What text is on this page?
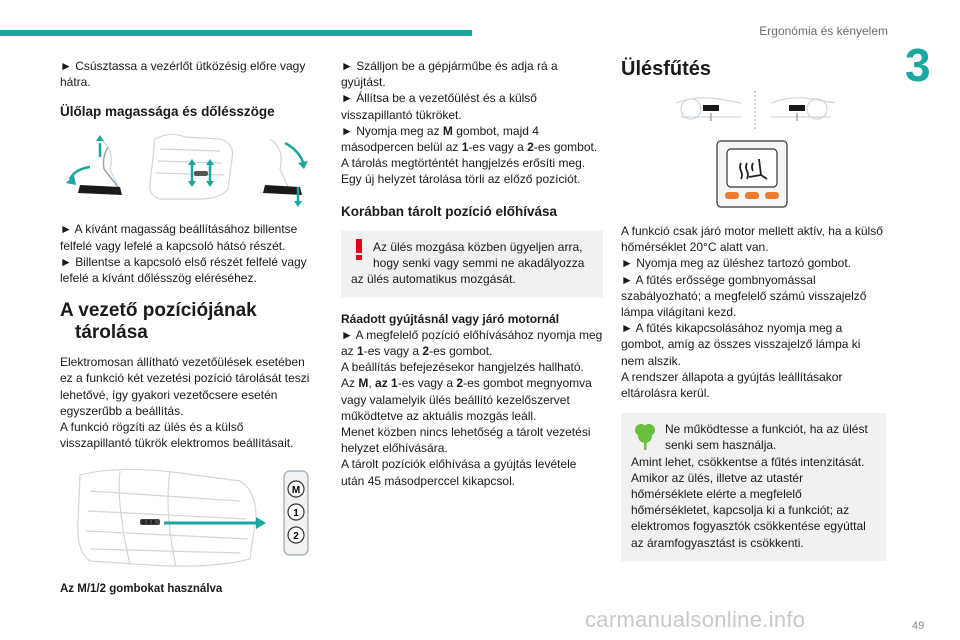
Ergonómia és kényelem
3

► Csúsztassa a vezérlőt ütközésig előre vagy hátra.

Ülőlap magassága és dőlésszöge

► A kívánt magasság beállításához billentse felfelé vagy lefelé a kapcsoló hátsó részét.

► Billentse a kapcsoló első részét felfelé vagy lefelé a kívánt dőlésszög eléréséhez.

A vezető pozíciójának
tárolása

Elektromosan állítható vezetőülések esetében ez a funkció két vezetési pozíció tárolását teszi lehetővé, így gyakori vezetőcsere esetén egyszerűbb a beállítás.

A funkció rögzíti az ülés és a külső visszapillantó tükrök elektromos beállításait.

M
1
2

Az M/1/2 gombokat használva

► Szálljon be a gépjárműbe és adja rá a gyújtást.

► Állítsa be a vezetőülést és a külső visszapillantó tükröket.

► Nyomja meg az M gombot, majd 4 másodpercen belül az 1-es vagy a 2-es gombot.

A tárolás megtörténtét hangjelzés erősíti meg.

Egy új helyzet tárolása törli az előző pozíciót.

Korábban tárolt pozíció előhívása
Az ülés mozgása közben ügyeljen arra,
hogy senki vagy semmi ne akadályozza
az ülés automatikus mozgását.

Ráadott gyújtásnál vagy járó motornál

► A megfelelő pozíció előhívásához nyomja meg az 1-es vagy a 2-es gombot.

A beállítás befejezésekor hangjelzés hallható.

Az M, az 1-es vagy a 2-es gombot megnyomva vagy valamelyik ülés beállító kezelőszervet működtetve az aktuális mozgás leáll.

Menet közben nincs lehetőség a tárolt vezetési helyzet előhívására.

A tárolt pozíciók előhívása a gyújtás levétele után 45 másodperccel kikapcsol.

Ülésfűtés

A funkció csak járó motor mellett aktív, ha a külső hőmérséklet 20°C alatt van.

► Nyomja meg az üléshez tartozó gombot.

► A fűtés erőssége gombnyomással szabályozható; a megfelelő számú visszajelző lámpa világítani kezd.

► A fűtés kikapcsolásához nyomja meg a gombot, amíg az összes visszajelző lámpa ki nem alszik.

A rendszer állapota a gyújtás leállításakor eltárolásra kerül.

Ne működtesse a funkciót, ha az ülést
senki sem használja.
Amint lehet, csökkentse a fűtés intenzitását. Amikor az ülés, illetve az utastér hőmérséklete elérte a megfelelő hőmérsékletet, kapcsolja ki a funkciót; az elektromos fogyasztók csökkentése egyúttal az áramfogyasztást is csökkenti.
carmanualsonline.info	49
